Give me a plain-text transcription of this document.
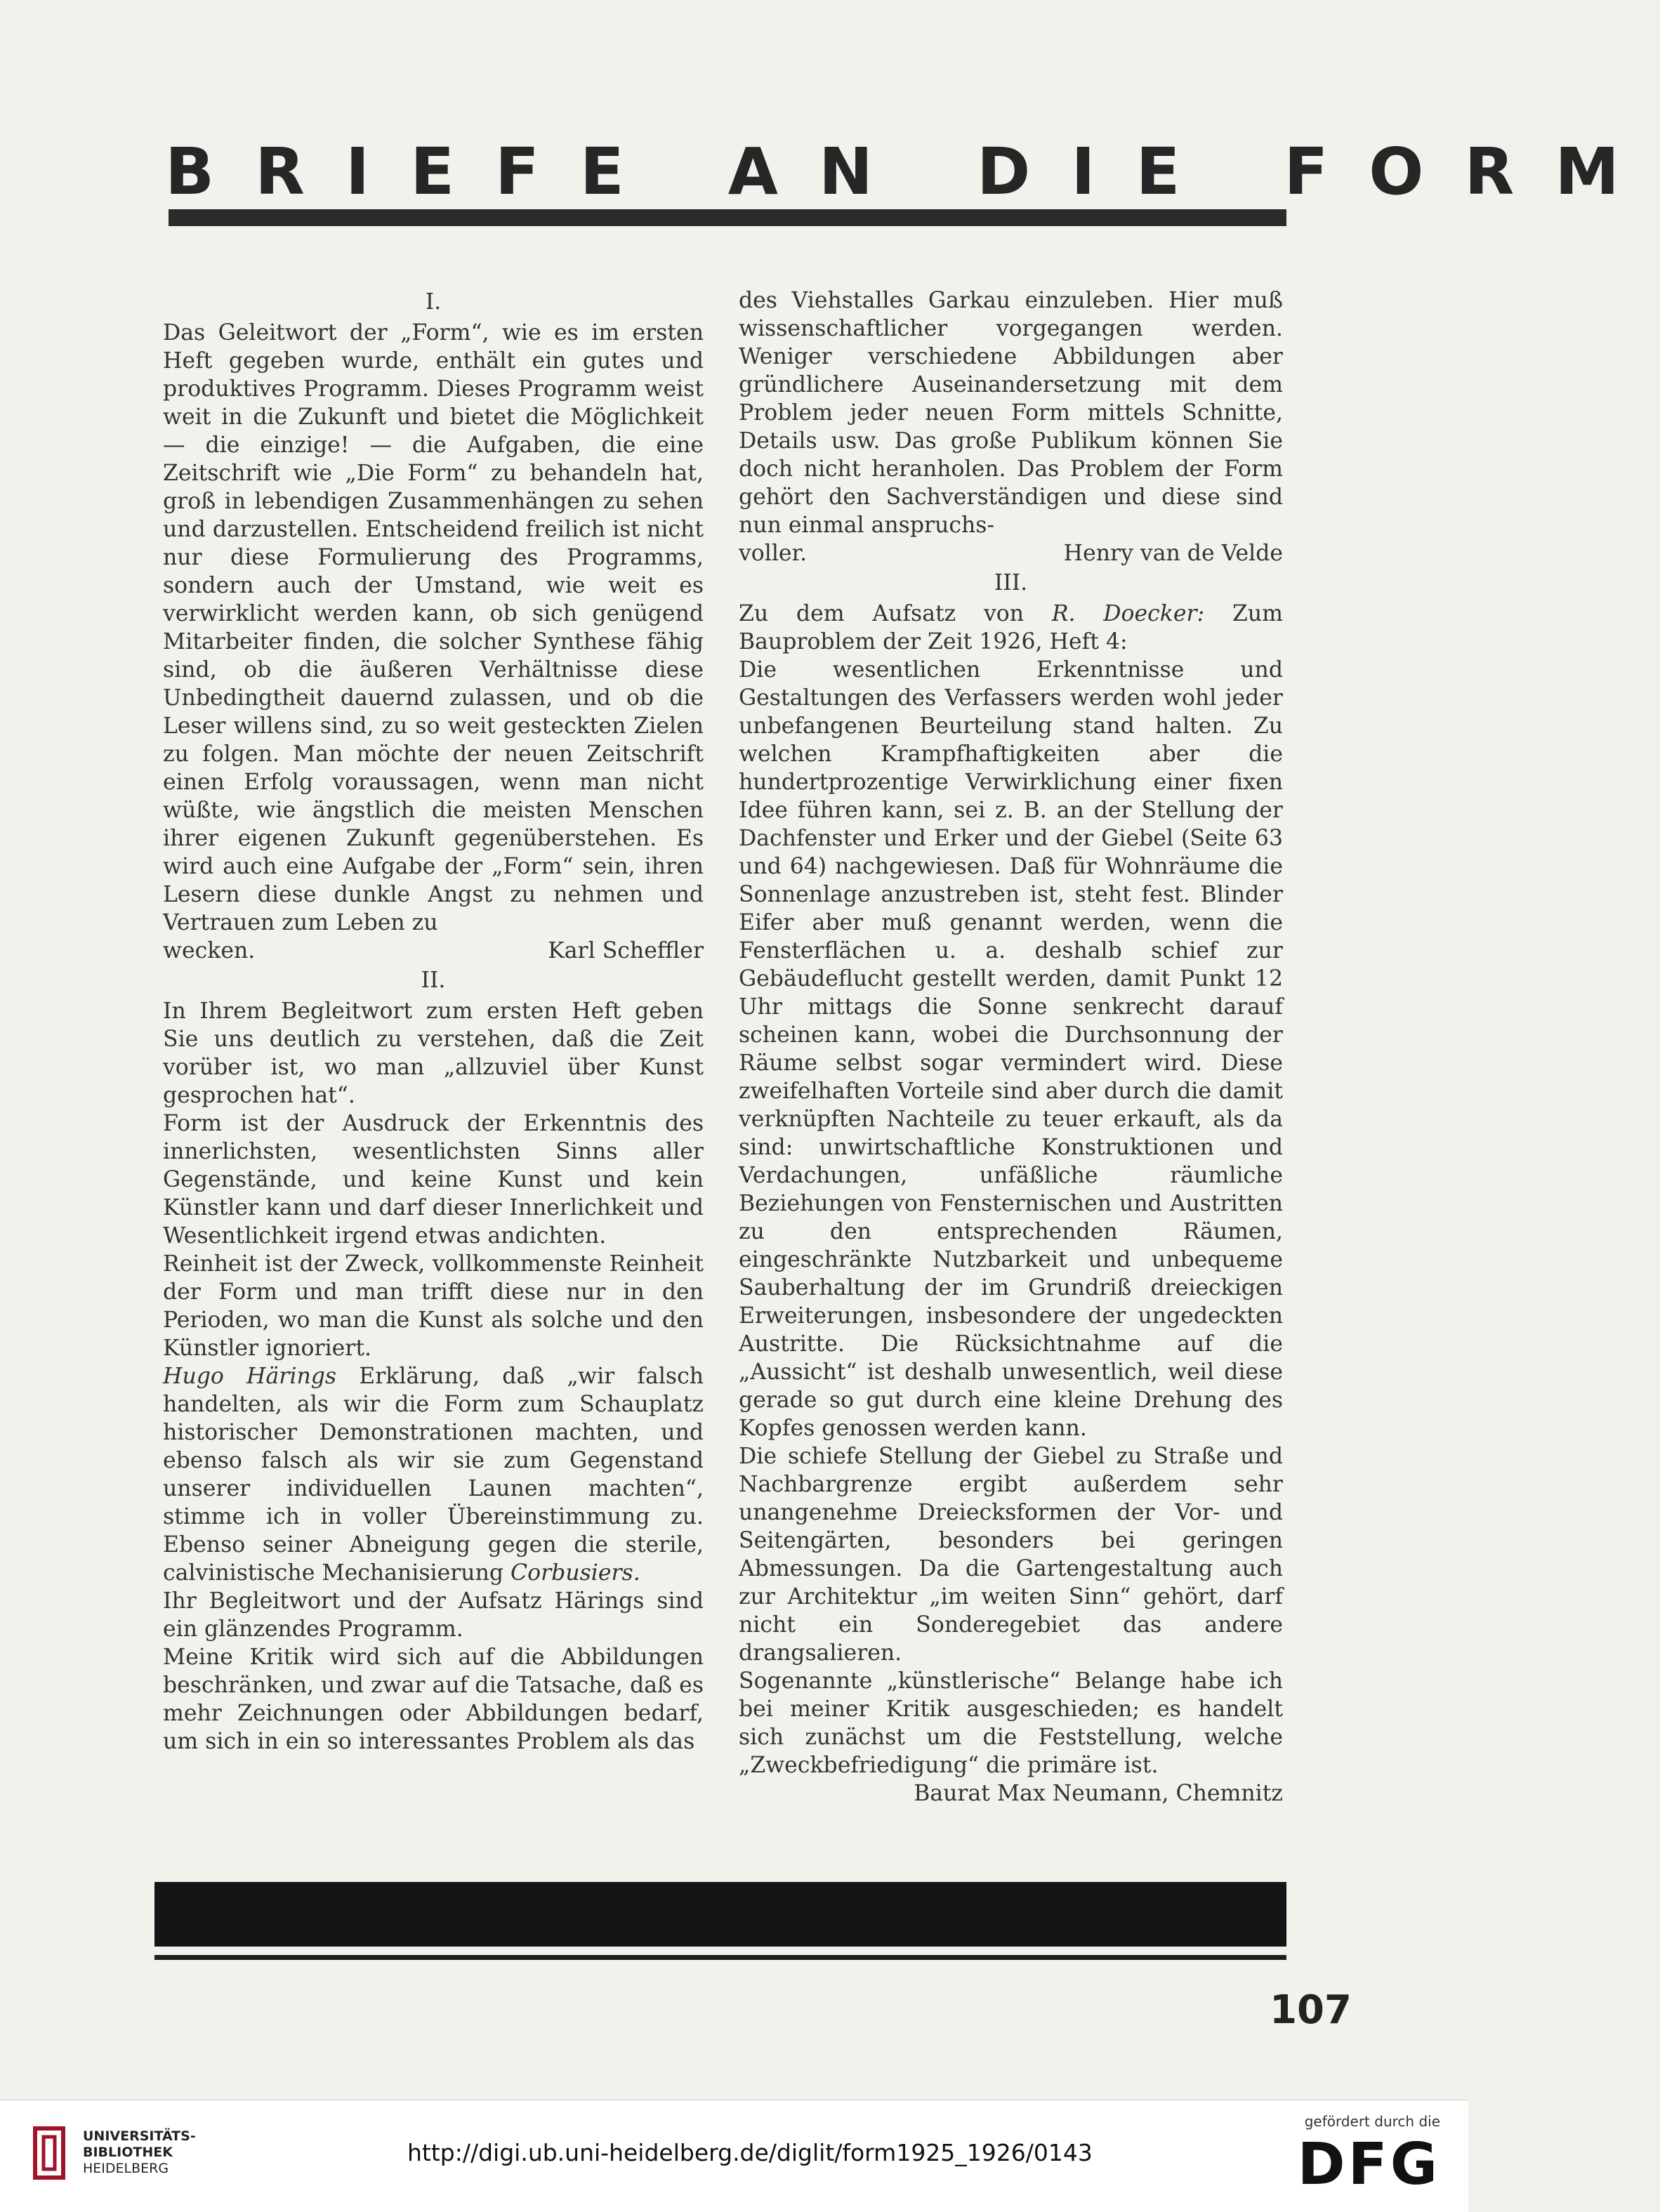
BRIEFE AN DIE FORM
I.

Das Geleitwort der „Form“, wie es im ersten Heft gegeben wurde, enthält ein gutes und produktives Programm. Dieses Programm weist weit in die Zukunft und bietet die Möglichkeit — die einzige! — die Aufgaben, die eine Zeitschrift wie „Die Form“ zu behandeln hat, groß in lebendigen Zusammenhängen zu sehen und darzustellen. Entscheidend freilich ist nicht nur diese Formulierung des Programms, sondern auch der Umstand, wie weit es verwirklicht werden kann, ob sich genügend Mitarbeiter finden, die solcher Synthese fähig sind, ob die äußeren Verhältnisse diese Unbedingtheit dauernd zulassen, und ob die Leser willens sind, zu so weit gesteckten Zielen zu folgen. Man möchte der neuen Zeitschrift einen Erfolg voraussagen, wenn man nicht wüßte, wie ängstlich die meisten Menschen ihrer eigenen Zukunft gegenüberstehen. Es wird auch eine Aufgabe der „Form“ sein, ihren Lesern diese dunkle Angst zu nehmen und Vertrauen zum Leben zu

wecken.	Karl Scheffler
II.

In Ihrem Begleitwort zum ersten Heft geben Sie uns deutlich zu verstehen, daß die Zeit vorüber ist, wo man „allzuviel über Kunst gesprochen hat“.

Form ist der Ausdruck der Erkenntnis des innerlichsten, wesentlichsten Sinns aller Gegenstände, und keine Kunst und kein Künstler kann und darf dieser Innerlichkeit und Wesentlichkeit irgend etwas andichten.

Reinheit ist der Zweck, vollkommenste Reinheit der Form und man trifft diese nur in den Perioden, wo man die Kunst als solche und den Künstler ignoriert.

Hugo Härings Erklärung, daß „wir falsch handelten, als wir die Form zum Schauplatz historischer Demonstrationen machten, und ebenso falsch als wir sie zum Gegenstand unserer individuellen Launen machten“, stimme ich in voller Übereinstimmung zu. Ebenso seiner Abneigung gegen die sterile, calvinistische Mechanisierung Corbusiers.

Ihr Begleitwort und der Aufsatz Härings sind ein glänzendes Programm.

Meine Kritik wird sich auf die Abbildungen beschränken, und zwar auf die Tatsache, daß es mehr Zeichnungen oder Abbildungen bedarf, um sich in ein so interessantes Problem als das

des Viehstalles Garkau einzuleben. Hier muß wissenschaftlicher vorgegangen werden. Weniger verschiedene Abbildungen aber gründlichere Auseinandersetzung mit dem Problem jeder neuen Form mittels Schnitte, Details usw. Das große Publikum können Sie doch nicht heranholen. Das Problem der Form gehört den Sachverständigen und diese sind nun einmal anspruchs-

voller.	Henry van de Velde
III.

Zu dem Aufsatz von R. Doecker: Zum Bauproblem der Zeit 1926, Heft 4:

Die wesentlichen Erkenntnisse und Gestaltungen des Verfassers werden wohl jeder unbefangenen Beurteilung stand halten. Zu welchen Krampfhaftigkeiten aber die hundertprozentige Verwirklichung einer fixen Idee führen kann, sei z. B. an der Stellung der Dachfenster und Erker und der Giebel (Seite 63 und 64) nachgewiesen. Daß für Wohnräume die Sonnenlage anzustreben ist, steht fest. Blinder Eifer aber muß genannt werden, wenn die Fensterflächen u. a. deshalb schief zur Gebäudeflucht gestellt werden, damit Punkt 12 Uhr mittags die Sonne senkrecht darauf scheinen kann, wobei die Durchsonnung der Räume selbst sogar vermindert wird. Diese zweifelhaften Vorteile sind aber durch die damit verknüpften Nachteile zu teuer erkauft, als da sind: unwirtschaftliche Konstruktionen und Verdachungen, unfäßliche räumliche Beziehungen von Fensternischen und Austritten zu den entsprechenden Räumen, eingeschränkte Nutzbarkeit und unbequeme Sauberhaltung der im Grundriß dreieckigen Erweiterungen, insbesondere der ungedeckten Austritte. Die Rücksichtnahme auf die „Aussicht“ ist deshalb unwesentlich, weil diese gerade so gut durch eine kleine Drehung des Kopfes genossen werden kann.

Die schiefe Stellung der Giebel zu Straße und Nachbargrenze ergibt außerdem sehr unangenehme Dreiecksformen der Vor- und Seitengärten, besonders bei geringen Abmessungen. Da die Gartengestaltung auch zur Architektur „im weiten Sinn“ gehört, darf nicht ein Sonderegebiet das andere drangsalieren.

Sogenannte „künstlerische“ Belange habe ich bei meiner Kritik ausgeschieden; es handelt sich zunächst um die Feststellung, welche „Zweckbefriedigung“ die primäre ist.

Baurat Max Neumann, Chemnitz
107
UNIVERSITÄTS-
BIBLIOTHEK
HEIDELBERG
http://digi.ub.uni-heidelberg.de/diglit/form1925_1926/0143
gefördert durch die
DFG
